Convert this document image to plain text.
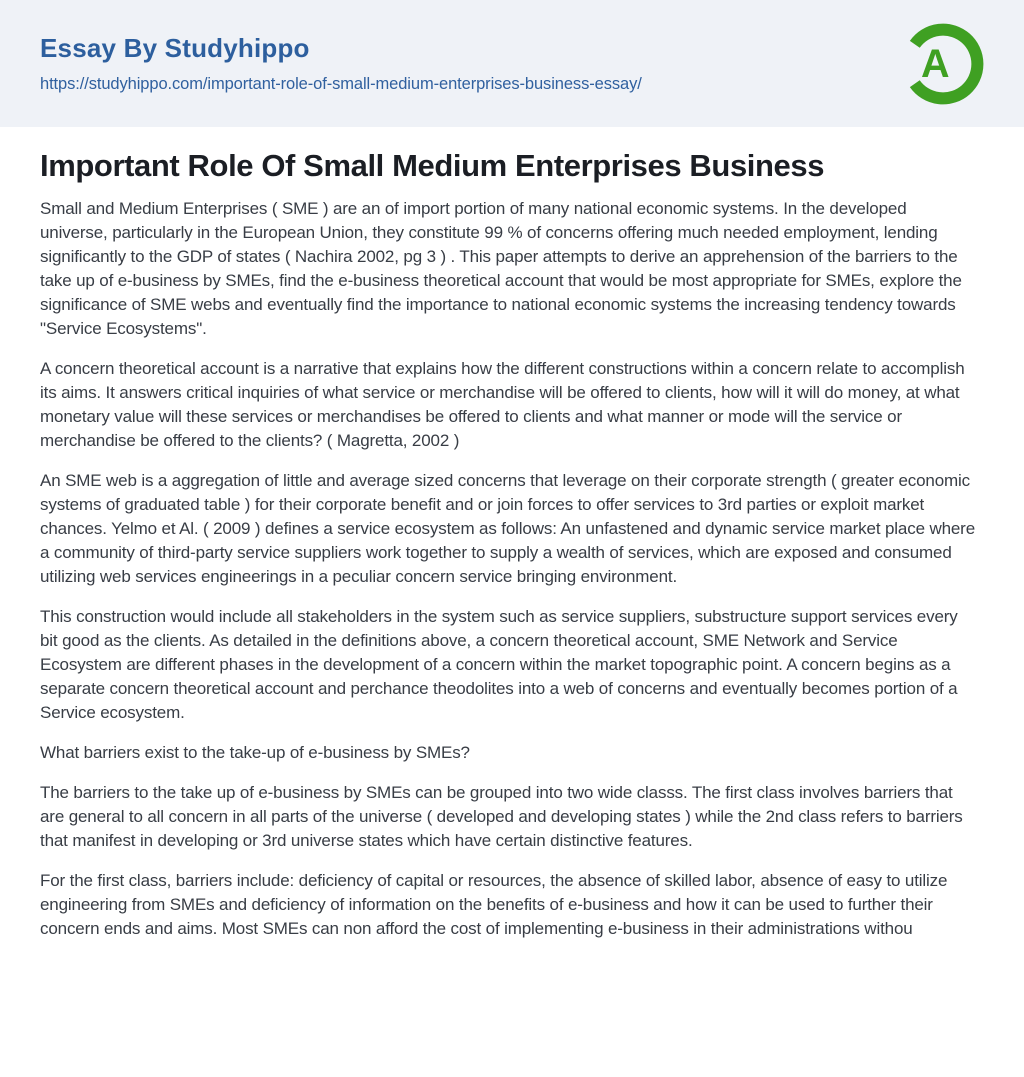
Essay By Studyhippo
https://studyhippo.com/important-role-of-small-medium-enterprises-business-essay/	A
Important Role Of Small Medium Enterprises Business

Small and Medium Enterprises ( SME ) are an of import portion of many national economic systems. In the developed universe, particularly in the European Union, they constitute 99 % of concerns offering much needed employment, lending significantly to the GDP of states ( Nachira 2002, pg 3 ) . This paper attempts to derive an apprehension of the barriers to the take up of e-business by SMEs, find the e-business theoretical account that would be most appropriate for SMEs, explore the significance of SME webs and eventually find the importance to national economic systems the increasing tendency towards "Service Ecosystems".

A concern theoretical account is a narrative that explains how the different constructions within a concern relate to accomplish its aims. It answers critical inquiries of what service or merchandise will be offered to clients, how will it will do money, at what monetary value will these services or merchandises be offered to clients and what manner or mode will the service or merchandise be offered to the clients? ( Magretta, 2002 )

An SME web is a aggregation of little and average sized concerns that leverage on their corporate strength ( greater economic systems of graduated table ) for their corporate benefit and or join forces to offer services to 3rd parties or exploit market chances. Yelmo et Al. ( 2009 ) defines a service ecosystem as follows: An unfastened and dynamic service market place where a community of third-party service suppliers work together to supply a wealth of services, which are exposed and consumed utilizing web services engineerings in a peculiar concern service bringing environment.

This construction would include all stakeholders in the system such as service suppliers, substructure support services every bit good as the clients. As detailed in the definitions above, a concern theoretical account, SME Network and Service Ecosystem are different phases in the development of a concern within the market topographic point. A concern begins as a separate concern theoretical account and perchance theodolites into a web of concerns and eventually becomes portion of a Service ecosystem.

What barriers exist to the take-up of e-business by SMEs?

The barriers to the take up of e-business by SMEs can be grouped into two wide classs. The first class involves barriers that are general to all concern in all parts of the universe ( developed and developing states ) while the 2nd class refers to barriers that manifest in developing or 3rd universe states which have certain distinctive features.

For the first class, barriers include: deficiency of capital or resources, the absence of skilled labor, absence of easy to utilize engineering from SMEs and deficiency of information on the benefits of e-business and how it can be used to further their concern ends and aims. Most SMEs can non afford the cost of implementing e-business in their administrations withou
